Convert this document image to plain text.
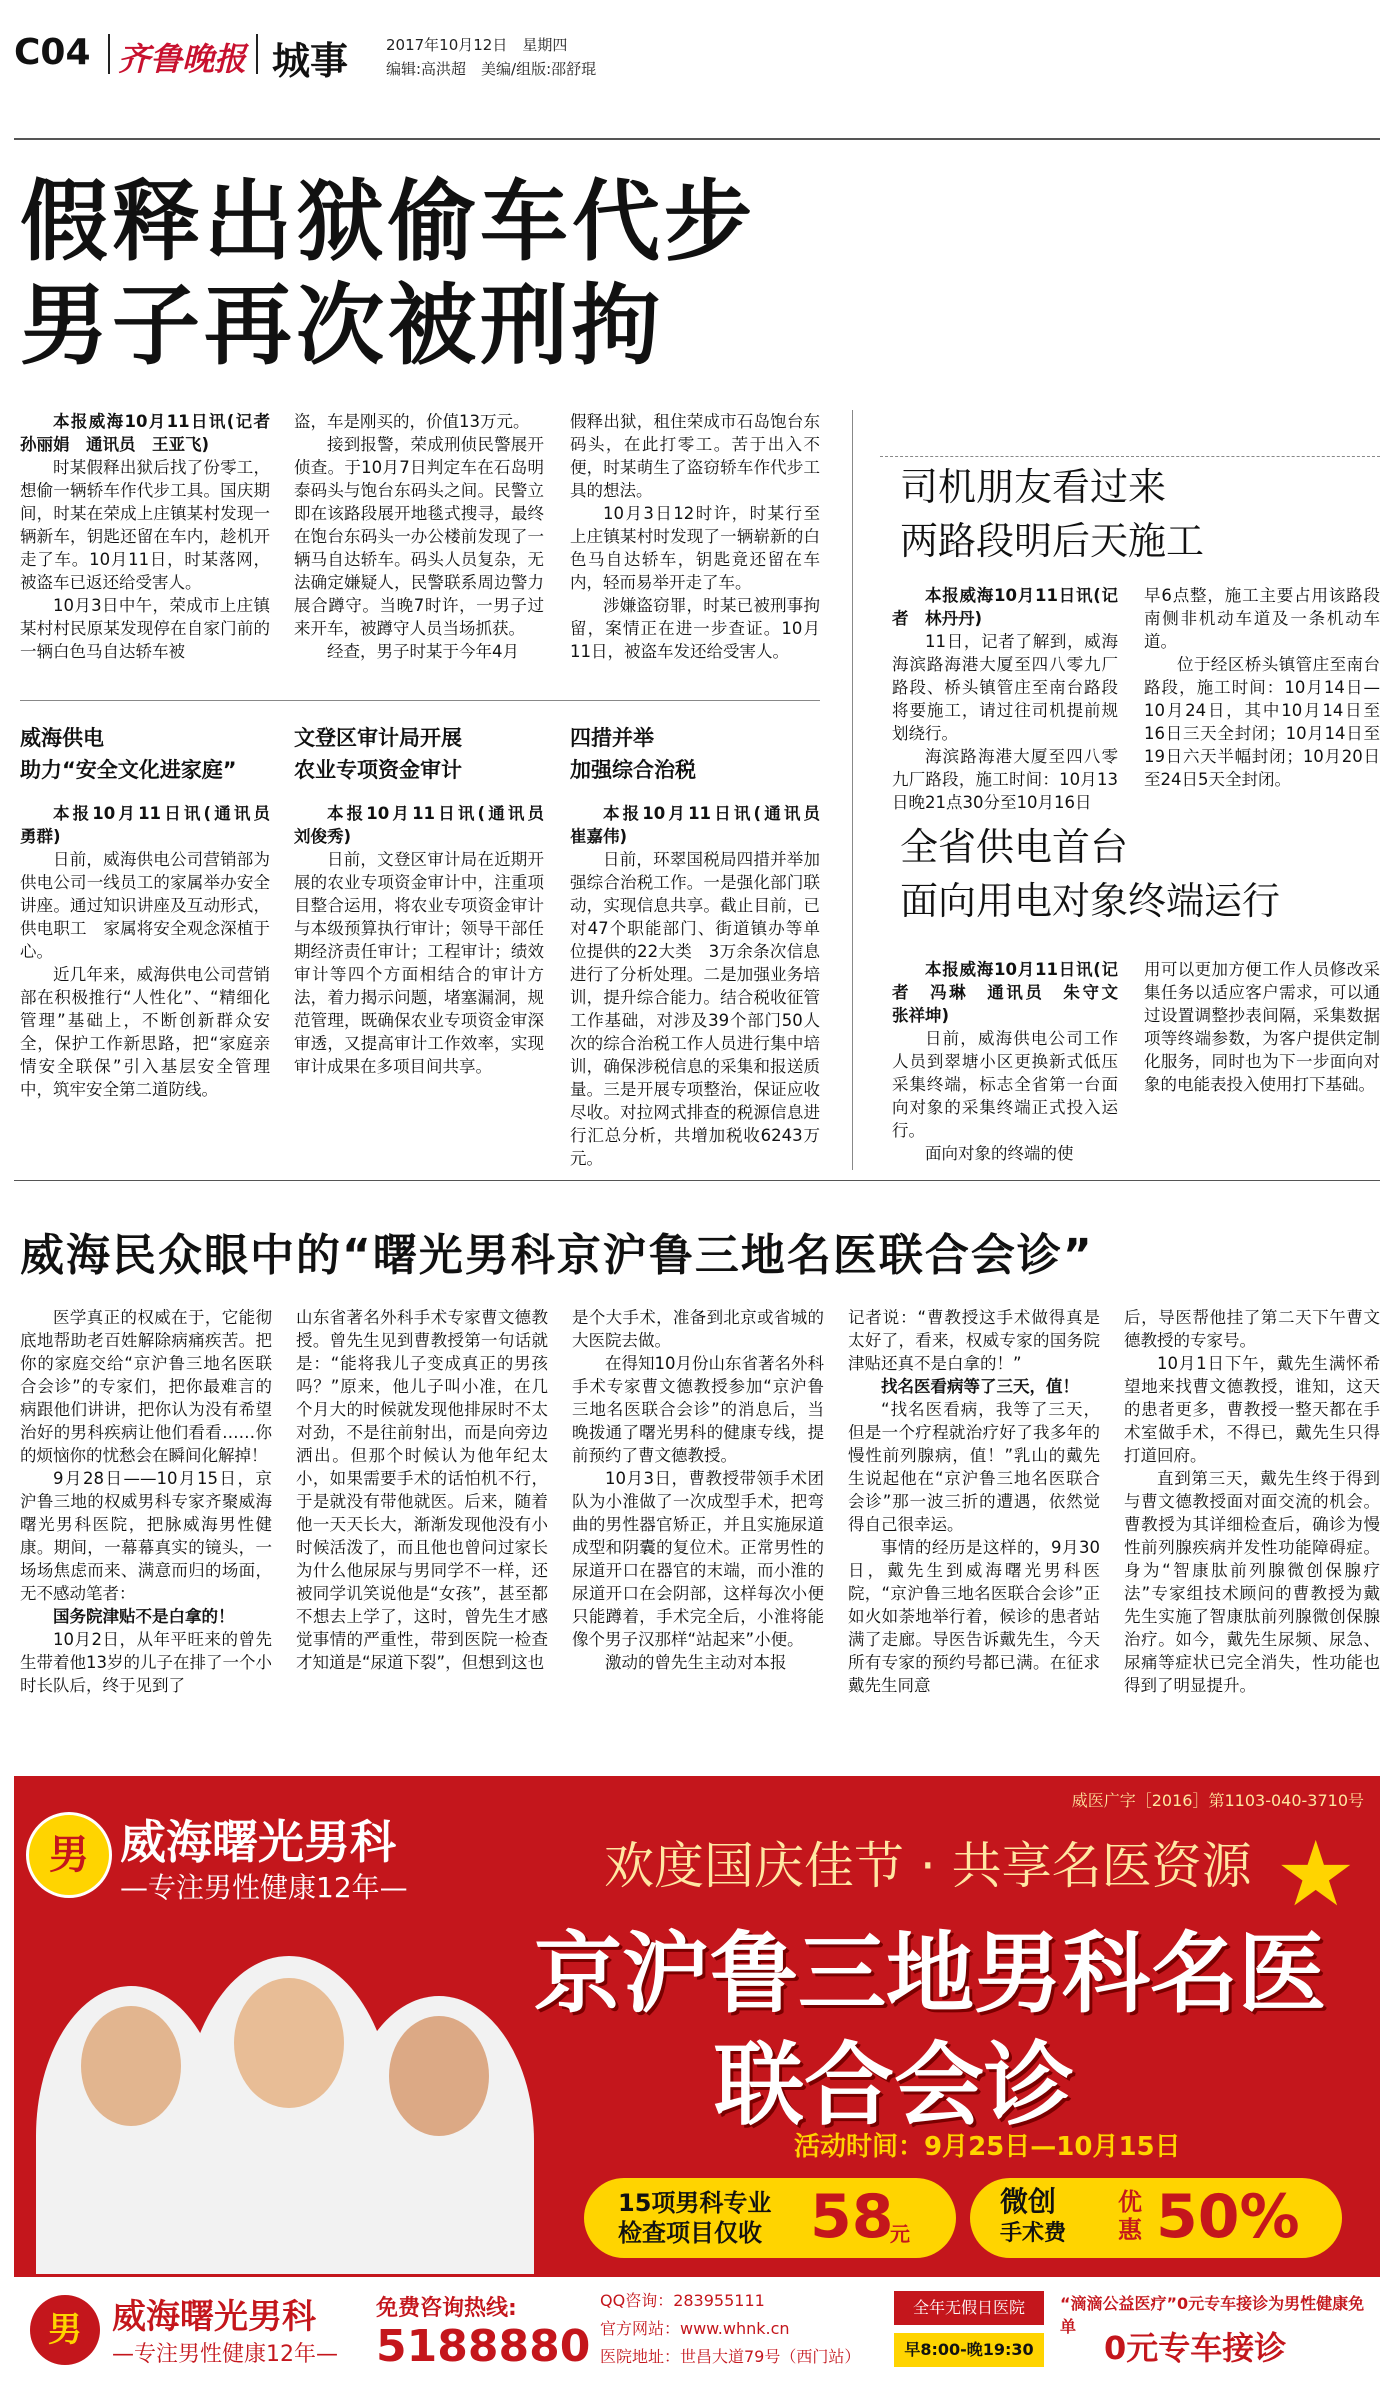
C04 齐鲁晚报 城事	2017年10月12日　星期四
编辑:高洪超　美编/组版:邵舒琨
假释出狱偷车代步
男子再次被刑拘

本报威海10月11日讯(记者 孙丽娟　通讯员　王亚飞)

时某假释出狱后找了份零工，想偷一辆轿车作代步工具。国庆期间，时某在荣成上庄镇某村发现一辆新车，钥匙还留在车内，趁机开走了车。10月11日，时某落网，被盗车已返还给受害人。

10月3日中午，荣成市上庄镇某村村民原某发现停在自家门前的一辆白色马自达轿车被

盗，车是刚买的，价值13万元。

接到报警，荣成刑侦民警展开侦查。于10月7日判定车在石岛明泰码头与饱台东码头之间。民警立即在该路段展开地毯式搜寻，最终在饱台东码头一办公楼前发现了一辆马自达轿车。码头人员复杂，无法确定嫌疑人，民警联系周边警力展合蹲守。当晚7时许，一男子过来开车，被蹲守人员当场抓获。

经查，男子时某于今年4月

假释出狱，租住荣成市石岛饱台东码头，在此打零工。苦于出入不便，时某萌生了盗窃轿车作代步工具的想法。

10月3日12时许，时某行至上庄镇某村时发现了一辆崭新的白色马自达轿车，钥匙竟还留在车内，轻而易举开走了车。

涉嫌盗窃罪，时某已被刑事拘留，案情正在进一步查证。10月11日，被盗车发还给受害人。

威海供电
助力“安全文化进家庭”

本报10月11日讯(通讯员　勇群)

日前，威海供电公司营销部为供电公司一线员工的家属举办安全讲座。通过知识讲座及互动形式，供电职工　家属将安全观念深植于心。

近几年来，威海供电公司营销部在积极推行“人性化”、“精细化管理”基础上，不断创新群众安全，保护工作新思路，把“家庭亲情安全联保”引入基层安全管理中，筑牢安全第二道防线。

文登区审计局开展
农业专项资金审计

本报10月11日讯(通讯员　刘俊秀)

日前，文登区审计局在近期开展的农业专项资金审计中，注重项目整合运用，将农业专项资金审计与本级预算执行审计；领导干部任期经济责任审计；工程审计；绩效审计等四个方面相结合的审计方法，着力揭示问题，堵塞漏洞，规范管理，既确保农业专项资金审深审透，又提高审计工作效率，实现审计成果在多项目间共享。

四措并举
加强综合治税

本报10月11日讯(通讯员　崔嘉伟)

日前，环翠国税局四措并举加强综合治税工作。一是强化部门联动，实现信息共享。截止目前，已对47个职能部门、街道镇办等单位提供的22大类　3万余条次信息进行了分析处理。二是加强业务培训，提升综合能力。结合税收征管工作基础，对涉及39个部门50人次的综合治税工作人员进行集中培训，确保涉税信息的采集和报送质量。三是开展专项整治，保证应收尽收。对拉网式排查的税源信息进行汇总分析，共增加税收6243万元。

司机朋友看过来
两路段明后天施工

本报威海10月11日讯(记者　林丹丹)

11日，记者了解到，威海海滨路海港大厦至四八零九厂路段、桥头镇管庄至南台路段将要施工，请过往司机提前规划绕行。

海滨路海港大厦至四八零九厂路段，施工时间：10月13日晚21点30分至10月16日

早6点整，施工主要占用该路段南侧非机动车道及一条机动车道。

位于经区桥头镇管庄至南台路段，施工时间：10月14日—10月24日，其中10月14日至16日三天全封闭；10月14日至19日六天半幅封闭；10月20日至24日5天全封闭。

全省供电首台
面向用电对象终端运行

本报威海10月11日讯(记者　冯琳　通讯员　朱守文　张祥坤)

日前，威海供电公司工作人员到翠塘小区更换新式低压采集终端，标志全省第一台面向对象的采集终端正式投入运行。

面向对象的终端的使

用可以更加方便工作人员修改采集任务以适应客户需求，可以通过设置调整抄表间隔，采集数据项等终端参数，为客户提供定制化服务，同时也为下一步面向对象的电能表投入使用打下基础。

威海民众眼中的“曙光男科京沪鲁三地名医联合会诊”

医学真正的权威在于，它能彻底地帮助老百姓解除病痛疾苦。把你的家庭交给“京沪鲁三地名医联合会诊”的专家们，把你最难言的病跟他们讲讲，把你认为没有希望治好的男科疾病让他们看看……你的烦恼你的忧愁会在瞬间化解掉！

9月28日——10月15日，京沪鲁三地的权威男科专家齐聚威海曙光男科医院，把脉威海男性健康。期间，一幕幕真实的镜头，一场场焦虑而来、满意而归的场面，无不感动笔者：

国务院津贴不是白拿的！

10月2日，从年平旺来的曾先生带着他13岁的儿子在排了一个小时长队后，终于见到了

山东省著名外科手术专家曹文德教授。曾先生见到曹教授第一句话就是：“能将我儿子变成真正的男孩吗？”原来，他儿子叫小准，在几个月大的时候就发现他排尿时不太对劲，不是往前射出，而是向旁边洒出。但那个时候认为他年纪太小，如果需要手术的话怕机不行，于是就没有带他就医。后来，随着他一天天长大，渐渐发现他没有小时候活泼了，而且他也曾问过家长为什么他尿尿与男同学不一样，还被同学讥笑说他是“女孩”，甚至都不想去上学了，这时，曾先生才感觉事情的严重性，带到医院一检查才知道是“尿道下裂”，但想到这也

是个大手术，准备到北京或省城的大医院去做。

在得知10月份山东省著名外科手术专家曹文德教授参加“京沪鲁三地名医联合会诊”的消息后，当晚拨通了曙光男科的健康专线，提前预约了曹文德教授。

10月3日，曹教授带领手术团队为小淮做了一次成型手术，把弯曲的男性器官矫正，并且实施尿道成型和阴囊的复位术。正常男性的尿道开口在器官的末端，而小淮的尿道开口在会阴部，这样每次小便只能蹲着，手术完全后，小淮将能像个男子汉那样“站起来”小便。

激动的曾先生主动对本报

记者说：“曹教授这手术做得真是太好了，看来，权威专家的国务院津贴还真不是白拿的！”

找名医看病等了三天，值！

“找名医看病，我等了三天，但是一个疗程就治疗好了我多年的慢性前列腺病，值！”乳山的戴先生说起他在“京沪鲁三地名医联合会诊”那一波三折的遭遇，依然觉得自己很幸运。

事情的经历是这样的，9月30日，戴先生到威海曙光男科医院，“京沪鲁三地名医联合会诊”正如火如荼地举行着，候诊的患者站满了走廊。导医告诉戴先生，今天所有专家的预约号都已满。在征求戴先生同意

后，导医帮他挂了第二天下午曹文德教授的专家号。

10月1日下午，戴先生满怀希望地来找曹文德教授，谁知，这天的患者更多，曹教授一整天都在手术室做手术，不得已，戴先生只得打道回府。

直到第三天，戴先生终于得到与曹文德教授面对面交流的机会。曹教授为其详细检查后，确诊为慢性前列腺疾病并发性功能障碍症。身为“智康肽前列腺微创保腺疗法”专家组技术顾问的曹教授为戴先生实施了智康肽前列腺微创保腺治疗。如今，戴先生尿频、尿急、尿痛等症状已完全消失，性功能也得到了明显提升。

男 威海曙光男科
—专注男性健康12年—
威医广字［2016］第1103-040-3710号
★
欢度国庆佳节 · 共享名医资源
京沪鲁三地男科名医
联合会诊
活动时间：9月25日—10月15日
15项男科专业
检查项目仅收 58
元
微创
手术费
优惠 50%
男 威海曙光男科
—专注男性健康12年—
免费咨询热线:
5188880
QQ咨询：283955111
官方网站：www.whnk.cn
医院地址：世昌大道79号（西门站）
全年无假日医院
早8:00-晚19:30
“滴滴公益医疗”0元专车接诊为男性健康免单
0元专车接诊
